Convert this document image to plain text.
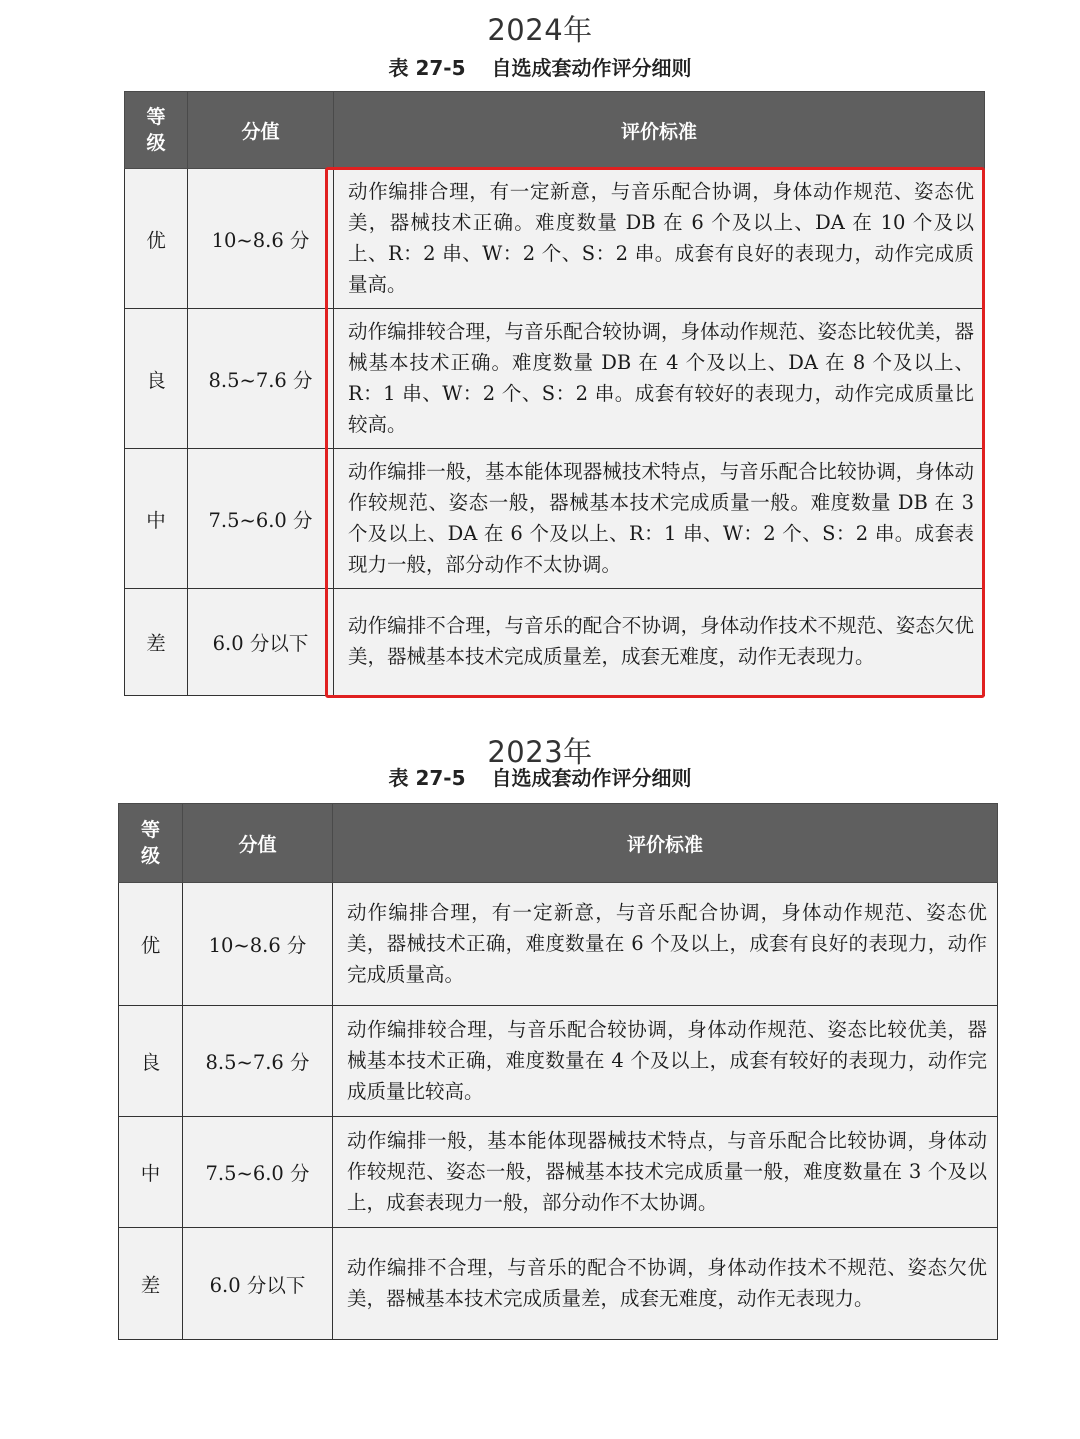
2024年
表 27-5 自选成套动作评分细则
等
级	分值	评价标准
优	10~8.6 分	动作编排合理，有一定新意，与音乐配合协调，身体动作规范、姿态优美，器械技术正确。难度数量 DB 在 6 个及以上、DA 在 10 个及以上、R：2 串、W：2 个、S：2 串。成套有良好的表现力，动作完成质量高。
良	8.5~7.6 分	动作编排较合理，与音乐配合较协调，身体动作规范、姿态比较优美，器械基本技术正确。难度数量 DB 在 4 个及以上、DA 在 8 个及以上、R：1 串、W：2 个、S：2 串。成套有较好的表现力，动作完成质量比较高。
中	7.5~6.0 分	动作编排一般，基本能体现器械技术特点，与音乐配合比较协调，身体动作较规范、姿态一般，器械基本技术完成质量一般。难度数量 DB 在 3 个及以上、DA 在 6 个及以上、R：1 串、W：2 个、S：2 串。成套表现力一般，部分动作不太协调。
差	6.0 分以下	动作编排不合理，与音乐的配合不协调，身体动作技术不规范、姿态欠优美，器械基本技术完成质量差，成套无难度，动作无表现力。
2023年
表 27-5 自选成套动作评分细则
等
级	分值	评价标准
优	10~8.6 分	动作编排合理，有一定新意，与音乐配合协调，身体动作规范、姿态优美，器械技术正确，难度数量在 6 个及以上，成套有良好的表现力，动作完成质量高。
良	8.5~7.6 分	动作编排较合理，与音乐配合较协调，身体动作规范、姿态比较优美，器械基本技术正确，难度数量在 4 个及以上，成套有较好的表现力，动作完成质量比较高。
中	7.5~6.0 分	动作编排一般，基本能体现器械技术特点，与音乐配合比较协调，身体动作较规范、姿态一般，器械基本技术完成质量一般，难度数量在 3 个及以上，成套表现力一般，部分动作不太协调。
差	6.0 分以下	动作编排不合理，与音乐的配合不协调，身体动作技术不规范、姿态欠优美，器械基本技术完成质量差，成套无难度，动作无表现力。
